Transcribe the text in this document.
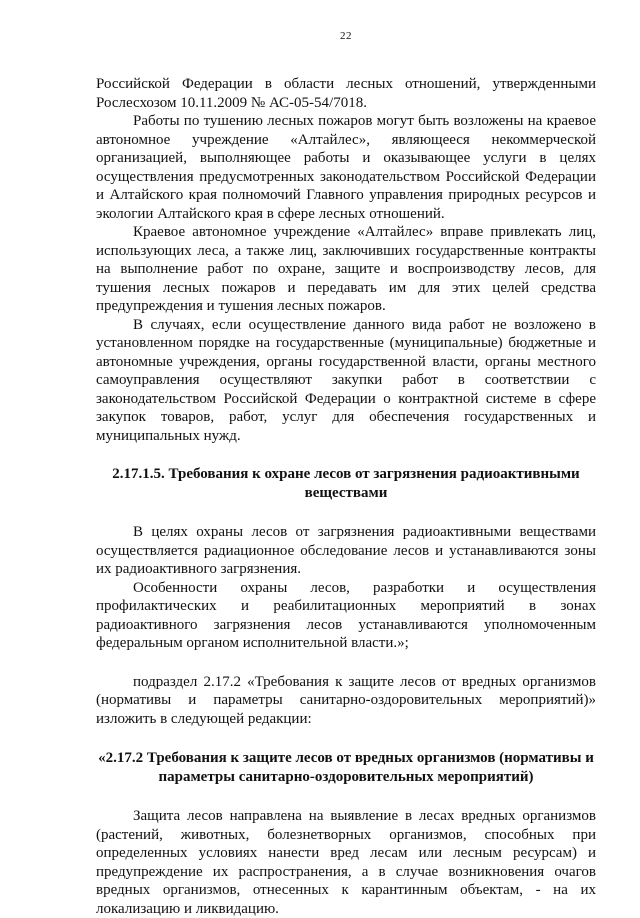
22

Российской Федерации в области лесных отношений, утвержденными Рослесхозом 10.11.2009 № АС-05-54/7018.

Работы по тушению лесных пожаров могут быть возложены на краевое автономное учреждение «Алтайлес», являющееся некоммерческой организацией, выполняющее работы и оказывающее услуги в целях осуществления предусмотренных законодательством Российской Федерации и Алтайского края полномочий Главного управления природных ресурсов и экологии Алтайского края в сфере лесных отношений.

Краевое автономное учреждение «Алтайлес» вправе привлекать лиц, использующих леса, а также лиц, заключивших государственные контракты на выполнение работ по охране, защите и воспроизводству лесов, для тушения лесных пожаров и передавать им для этих целей средства предупреждения и тушения лесных пожаров.

В случаях, если осуществление данного вида работ не возложено в установленном порядке на государственные (муниципальные) бюджетные и автономные учреждения, органы государственной власти, органы местного самоуправления осуществляют закупки работ в соответствии с законодательством Российской Федерации о контрактной системе в сфере закупок товаров, работ, услуг для обеспечения государственных и муниципальных нужд.

2.17.1.5. Требования к охране лесов от загрязнения радиоактивными веществами

В целях охраны лесов от загрязнения радиоактивными веществами осуществляется радиационное обследование лесов и устанавливаются зоны их радиоактивного загрязнения.

Особенности охраны лесов, разработки и осуществления профилактических и реабилитационных мероприятий в зонах радиоактивного загрязнения лесов устанавливаются уполномоченным федеральным органом исполнительной власти.»;

подраздел 2.17.2 «Требования к защите лесов от вредных организмов (нормативы и параметры санитарно-оздоровительных мероприятий)» изложить в следующей редакции:

«2.17.2 Требования к защите лесов от вредных организмов (нормативы и параметры санитарно-оздоровительных мероприятий)

Защита лесов направлена на выявление в лесах вредных организмов (растений, животных, болезнетворных организмов, способных при определенных условиях нанести вред лесам или лесным ресурсам) и предупреждение их распространения, а в случае возникновения очагов вредных организмов, отнесенных к карантинным объектам, - на их локализацию и ликвидацию.
